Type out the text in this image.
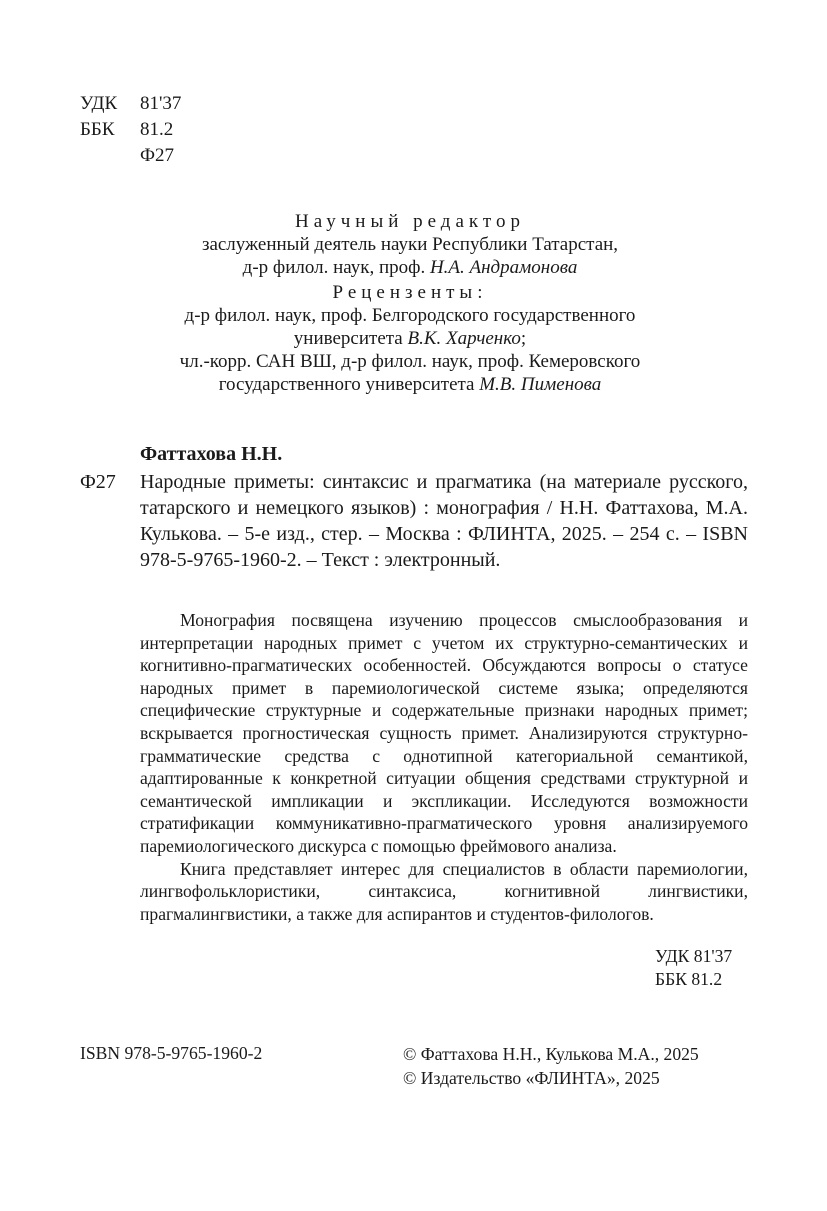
УДК	81'37
ББК	81.2
Ф27
Научный редактор
заслуженный деятель науки Республики Татарстан,
д-р филол. наук, проф. Н.А. Андрамонова
Рецензенты:
д-р филол. наук, проф. Белгородского государственного
университета В.К. Харченко;
чл.-корр. САН ВШ, д-р филол. наук, проф. Кемеровского
государственного университета М.В. Пименова
Фаттахова Н.Н.
Ф27 Народные приметы: синтаксис и прагматика (на материале русского, татарского и немецкого языков) : монография / Н.Н. Фаттахова, М.А. Кулькова. – 5-е изд., стер. – Москва : ФЛИНТА, 2025. – 254 с. – ISBN 978-5-9765-1960-2. – Текст : электронный.

Монография посвящена изучению процессов смыслообразования и интерпретации народных примет с учетом их структурно-семантических и когнитивно-прагматических особенностей. Обсуждаются вопросы о статусе народных примет в паремиологической системе языка; определяются специфические структурные и содержательные признаки народных примет; вскрывается прогностическая сущность примет. Анализируются структурно-грамматические средства с однотипной категориальной семантикой, адаптированные к конкретной ситуации общения средствами структурной и семантической импликации и экспликации. Исследуются возможности стратификации коммуникативно-прагматического уровня анализируемого паремиологического дискурса с помощью фреймового анализа.

Книга представляет интерес для специалистов в области паремиологии, лингвофольклористики, синтаксиса, когнитивной лингвистики, прагмалингвистики, а также для аспирантов и студентов-филологов.

УДК 81'37
ББК 81.2
ISBN 978-5-9765-1960-2	© Фаттахова Н.Н., Кулькова М.А., 2025
© Издательство «ФЛИНТА», 2025
